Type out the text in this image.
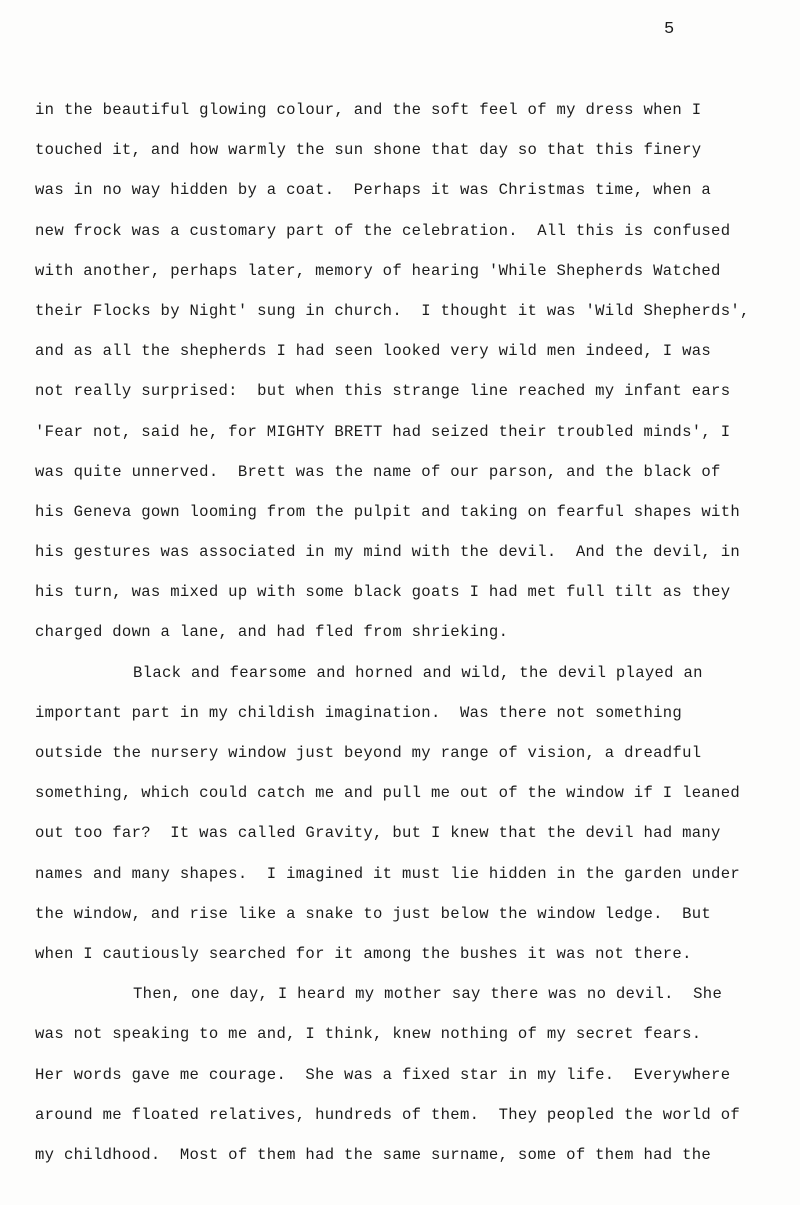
5
in the beautiful glowing colour, and the soft feel of my dress when I
touched it, and how warmly the sun shone that day so that this finery
was in no way hidden by a coat.  Perhaps it was Christmas time, when a
new frock was a customary part of the celebration.  All this is confused
with another, perhaps later, memory of hearing 'While Shepherds Watched
their Flocks by Night' sung in church.  I thought it was 'Wild Shepherds',
and as all the shepherds I had seen looked very wild men indeed, I was
not really surprised:  but when this strange line reached my infant ears
'Fear not, said he, for MIGHTY BRETT had seized their troubled minds', I
was quite unnerved.  Brett was the name of our parson, and the black of
his Geneva gown looming from the pulpit and taking on fearful shapes with
his gestures was associated in my mind with the devil.  And the devil, in
his turn, was mixed up with some black goats I had met full tilt as they
charged down a lane, and had fled from shrieking.
Black and fearsome and horned and wild, the devil played an
important part in my childish imagination.  Was there not something
outside the nursery window just beyond my range of vision, a dreadful
something, which could catch me and pull me out of the window if I leaned
out too far?  It was called Gravity, but I knew that the devil had many
names and many shapes.  I imagined it must lie hidden in the garden under
the window, and rise like a snake to just below the window ledge.  But
when I cautiously searched for it among the bushes it was not there.
Then, one day, I heard my mother say there was no devil.  She
was not speaking to me and, I think, knew nothing of my secret fears.
Her words gave me courage.  She was a fixed star in my life.  Everywhere
around me floated relatives, hundreds of them.  They peopled the world of
my childhood.  Most of them had the same surname, some of them had the
